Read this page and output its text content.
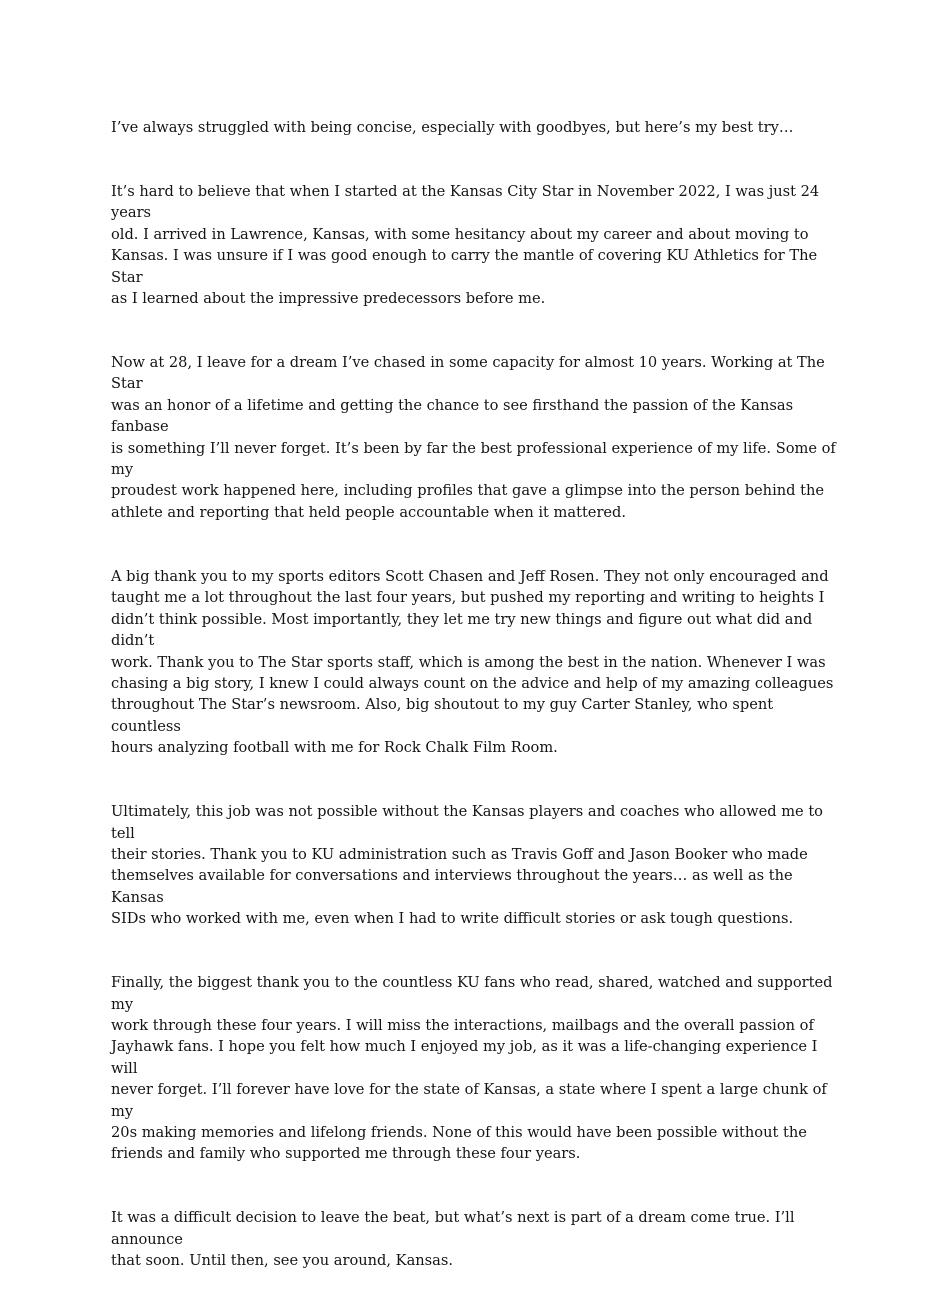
I’ve always struggled with being concise, especially with goodbyes, but here’s my best try…

It’s hard to believe that when I started at the Kansas City Star in November 2022, I was just 24 years
old. I arrived in Lawrence, Kansas, with some hesitancy about my career and about moving to
Kansas. I was unsure if I was good enough to carry the mantle of covering KU Athletics for The Star
as I learned about the impressive predecessors before me.

Now at 28, I leave for a dream I’ve chased in some capacity for almost 10 years. Working at The Star
was an honor of a lifetime and getting the chance to see firsthand the passion of the Kansas fanbase
is something I’ll never forget. It’s been by far the best professional experience of my life. Some of my
proudest work happened here, including profiles that gave a glimpse into the person behind the
athlete and reporting that held people accountable when it mattered.

A big thank you to my sports editors Scott Chasen and Jeff Rosen. They not only encouraged and
taught me a lot throughout the last four years, but pushed my reporting and writing to heights I
didn’t think possible. Most importantly, they let me try new things and figure out what did and didn’t
work. Thank you to The Star sports staff, which is among the best in the nation. Whenever I was
chasing a big story, I knew I could always count on the advice and help of my amazing colleagues
throughout The Star’s newsroom. Also, big shoutout to my guy Carter Stanley, who spent countless
hours analyzing football with me for Rock Chalk Film Room.

Ultimately, this job was not possible without the Kansas players and coaches who allowed me to tell
their stories. Thank you to KU administration such as Travis Goff and Jason Booker who made
themselves available for conversations and interviews throughout the years… as well as the Kansas
SIDs who worked with me, even when I had to write difficult stories or ask tough questions.

Finally, the biggest thank you to the countless KU fans who read, shared, watched and supported my
work through these four years. I will miss the interactions, mailbags and the overall passion of
Jayhawk fans. I hope you felt how much I enjoyed my job, as it was a life-changing experience I will
never forget. I’ll forever have love for the state of Kansas, a state where I spent a large chunk of my
20s making memories and lifelong friends. None of this would have been possible without the
friends and family who supported me through these four years.

It was a difficult decision to leave the beat, but what’s next is part of a dream come true. I’ll announce
that soon. Until then, see you around, Kansas.
